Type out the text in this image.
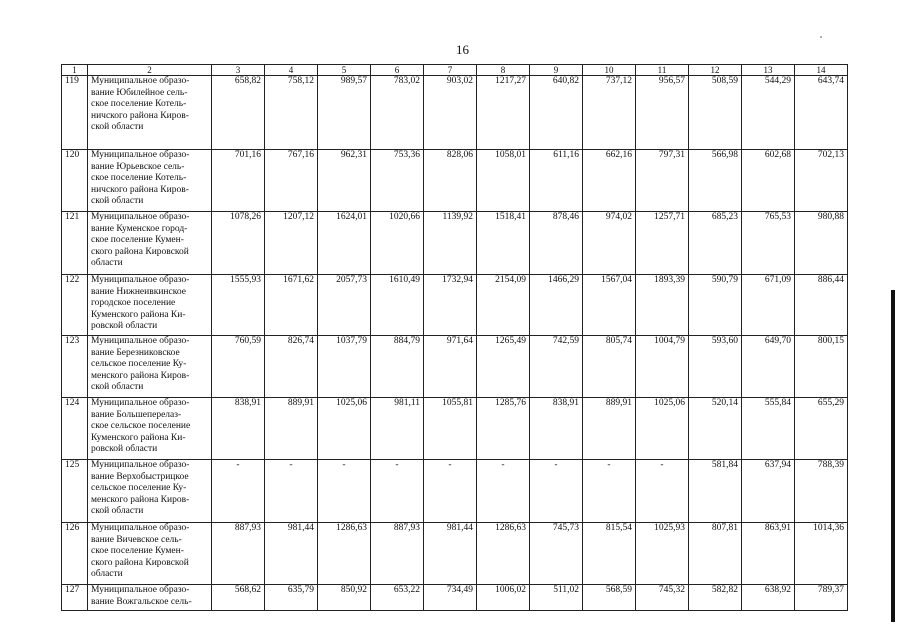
16
1	2	3	4	5	6	7	8	9	10	11	12	13	14
119	Муниципальное образо-
вание Юбилейное сель-
ское поселение Котель-
ничского района Киров-
ской области	658,82	758,12	989,57	783,02	903,02	1217,27	640,82	737,12	956,57	508,59	544,29	643,74
120	Муниципальное образо-
вание Юрьевское сель-
ское поселение Котель-
ничского района Киров-
ской области	701,16	767,16	962,31	753,36	828,06	1058,01	611,16	662,16	797,31	566,98	602,68	702,13
121	Муниципальное образо-
вание Куменское город-
ское поселение Кумен-
ского района Кировской
области	1078,26	1207,12	1624,01	1020,66	1139,92	1518,41	878,46	974,02	1257,71	685,23	765,53	980,88
122	Муниципальное образо-
вание Нижнеивкинское
городское поселение
Куменского района Ки-
ровской области	1555,93	1671,62	2057,73	1610,49	1732,94	2154,09	1466,29	1567,04	1893,39	590,79	671,09	886,44
123	Муниципальное образо-
вание Березниковское
сельское поселение Ку-
менского района Киров-
ской области	760,59	826,74	1037,79	884,79	971,64	1265,49	742,59	805,74	1004,79	593,60	649,70	800,15
124	Муниципальное образо-
вание Большеперелаз-
ское сельское поселение
Куменского района Ки-
ровской области	838,91	889,91	1025,06	981,11	1055,81	1285,76	838,91	889,91	1025,06	520,14	555,84	655,29
125	Муниципальное образо-
вание Верхобыстрицкое
сельское поселение Ку-
менского района Киров-
ской области	-	-	-	-	-	-	-	-	-	581,84	637,94	788,39
126	Муниципальное образо-
вание Вичевское сель-
ское поселение Кумен-
ского района Кировской
области	887,93	981,44	1286,63	887,93	981,44	1286,63	745,73	815,54	1025,93	807,81	863,91	1014,36
127	Муниципальное образо-
вание Вожгальское сель-	568,62	635,79	850,92	653,22	734,49	1006,02	511,02	568,59	745,32	582,82	638,92	789,37
